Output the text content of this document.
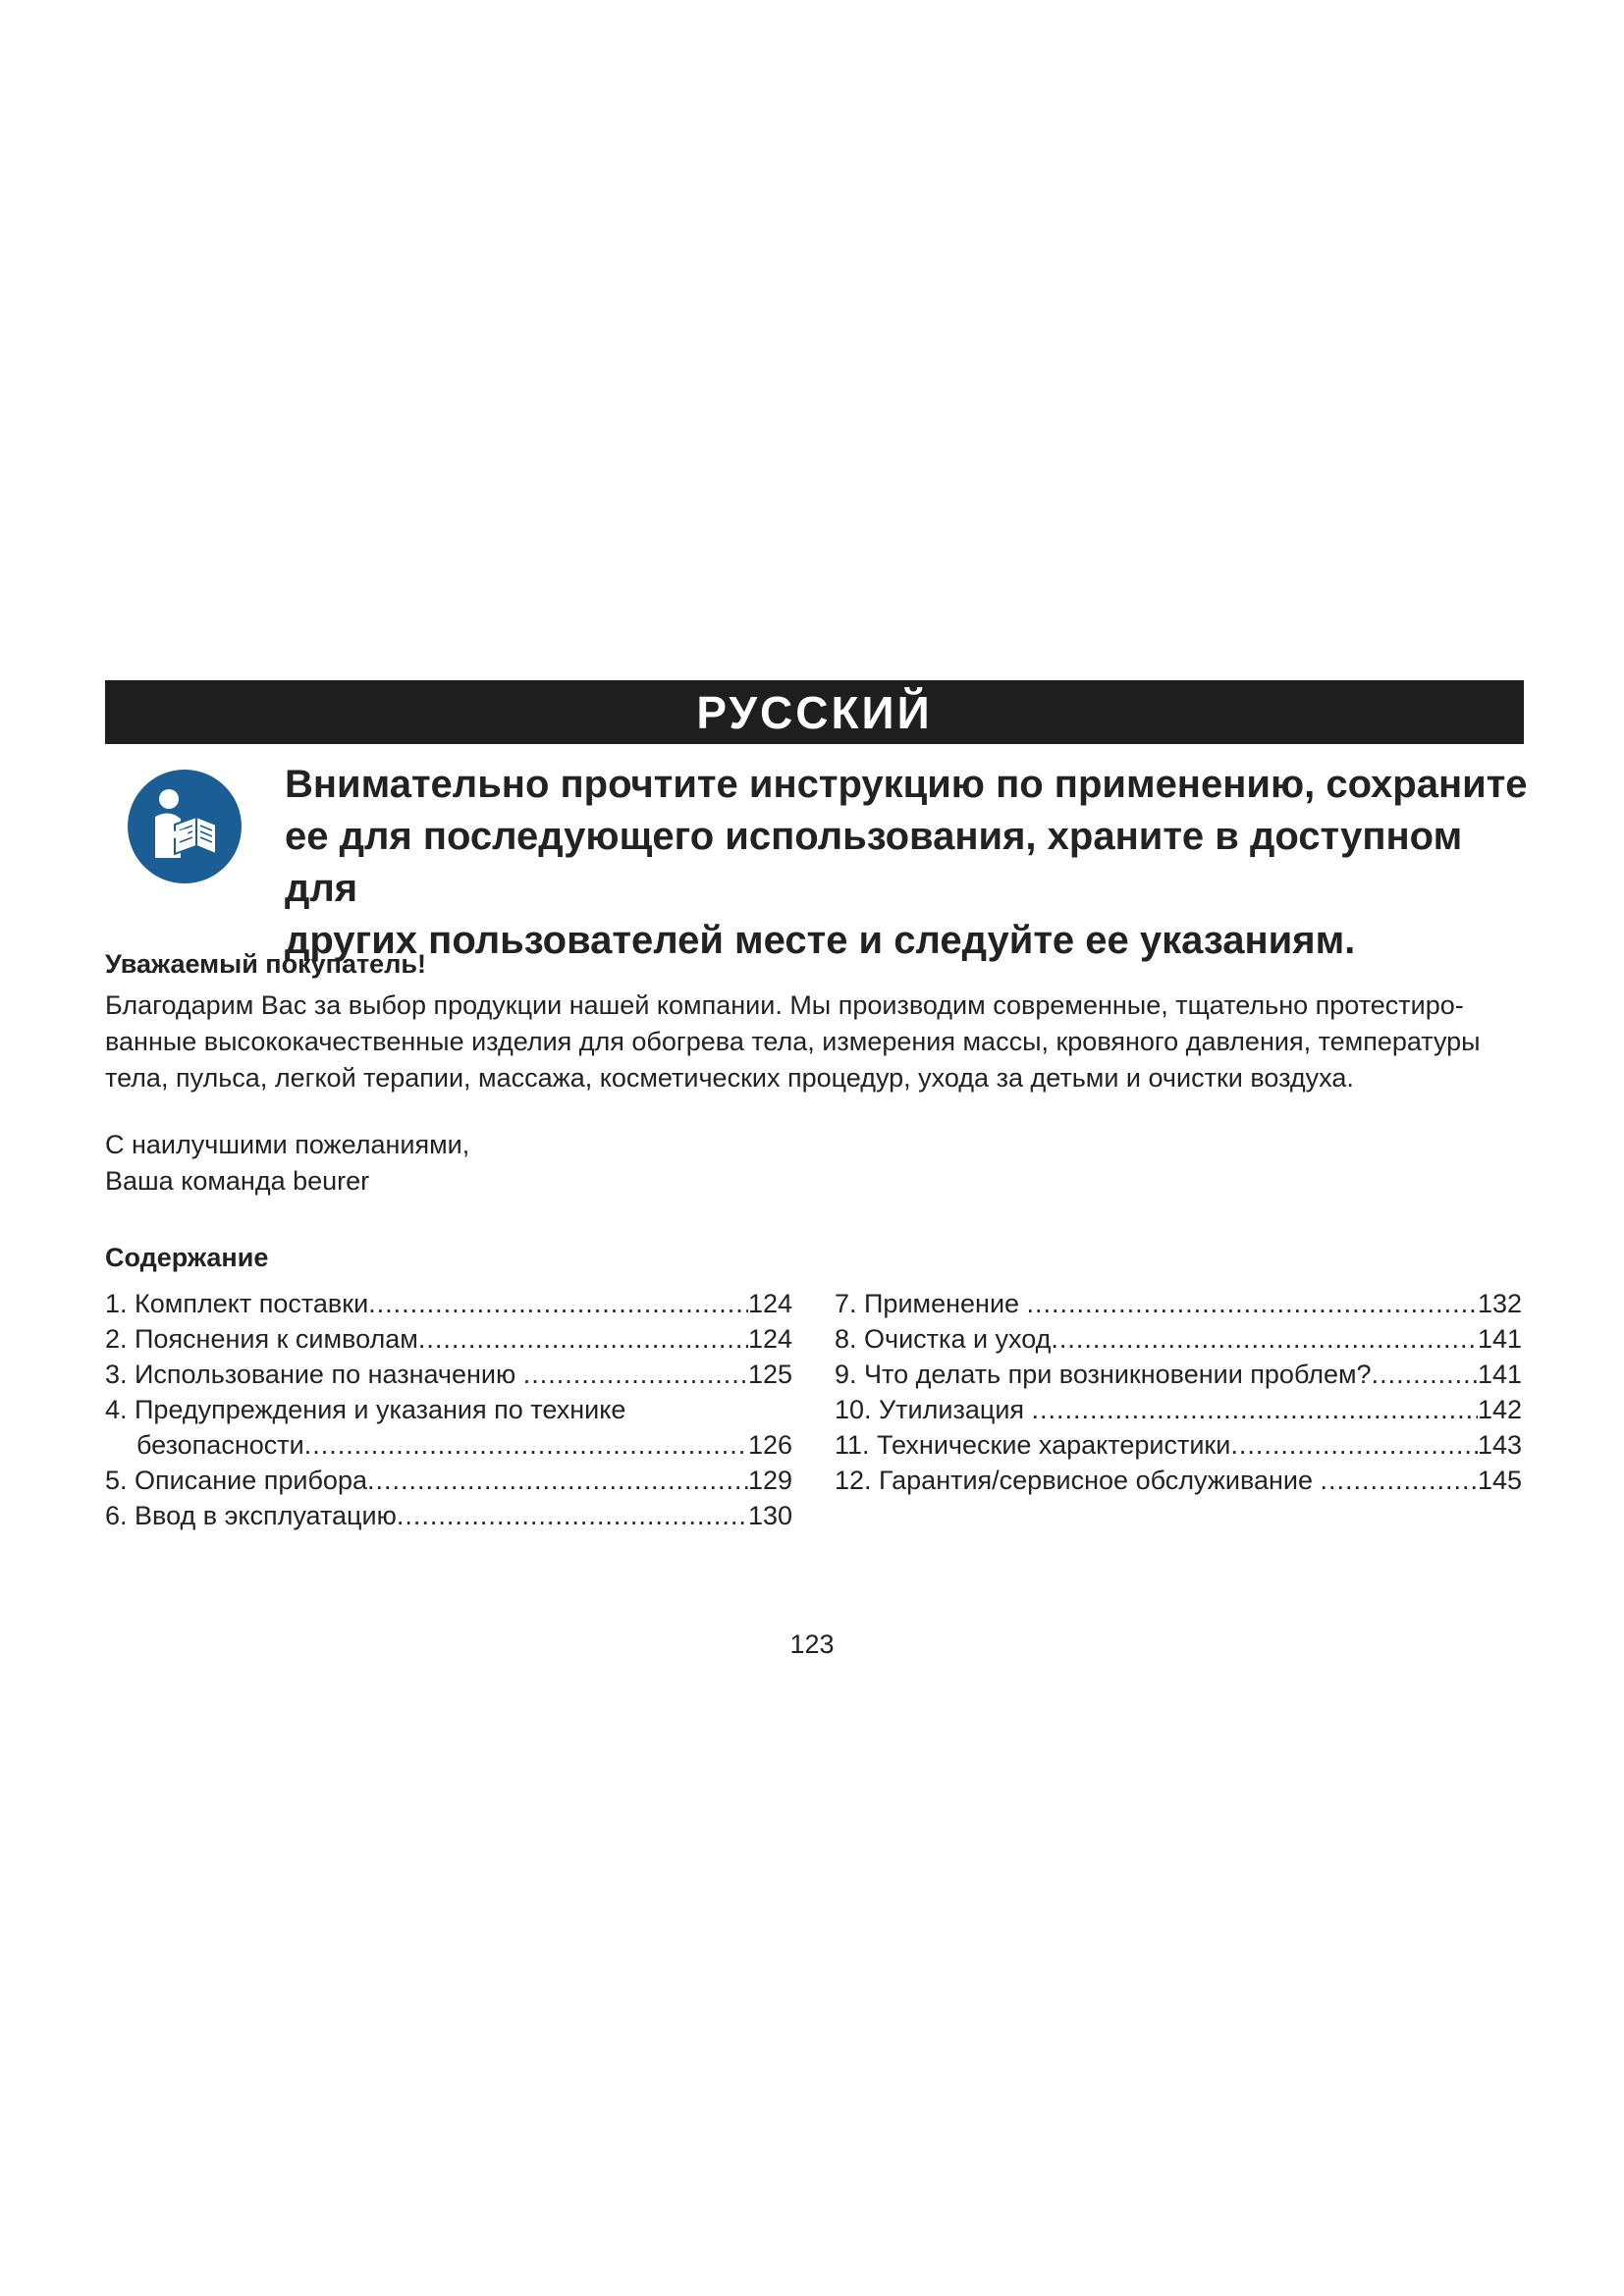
РУССКИЙ
Внимательно прочтите инструкцию по применению, сохраните
ее для последующего использования, храните в доступном для
других пользователей месте и следуйте ее указаниям.
Уважаемый покупатель!
Благодарим Вас за выбор продукции нашей компании. Мы производим современные, тщательно протестиро-
ванные высококачественные изделия для обогрева тела, измерения массы, кровяного давления, температуры
тела, пульса, легкой терапии, массажа, косметических процедур, ухода за детьми и очистки воздуха.
С наилучшими пожеланиями,
Ваша команда beurer
Содержание
1. Комплект поставки .....	124
2. Пояснения к символам .....	124
3. Использование по назначению .....	125
4. Предупреждения и указания по технике
безопасности .....	126
5. Описание прибора .....	129
6. Ввод в эксплуатацию .....	130
7. Применение .....	132
8. Очистка и уход .....	141
9. Что делать при возникновении проблем? .....	141
10. Утилизация .....	142
11. Технические характеристики .....	143
12. Гарантия/сервисное обслуживание .....	145
123
